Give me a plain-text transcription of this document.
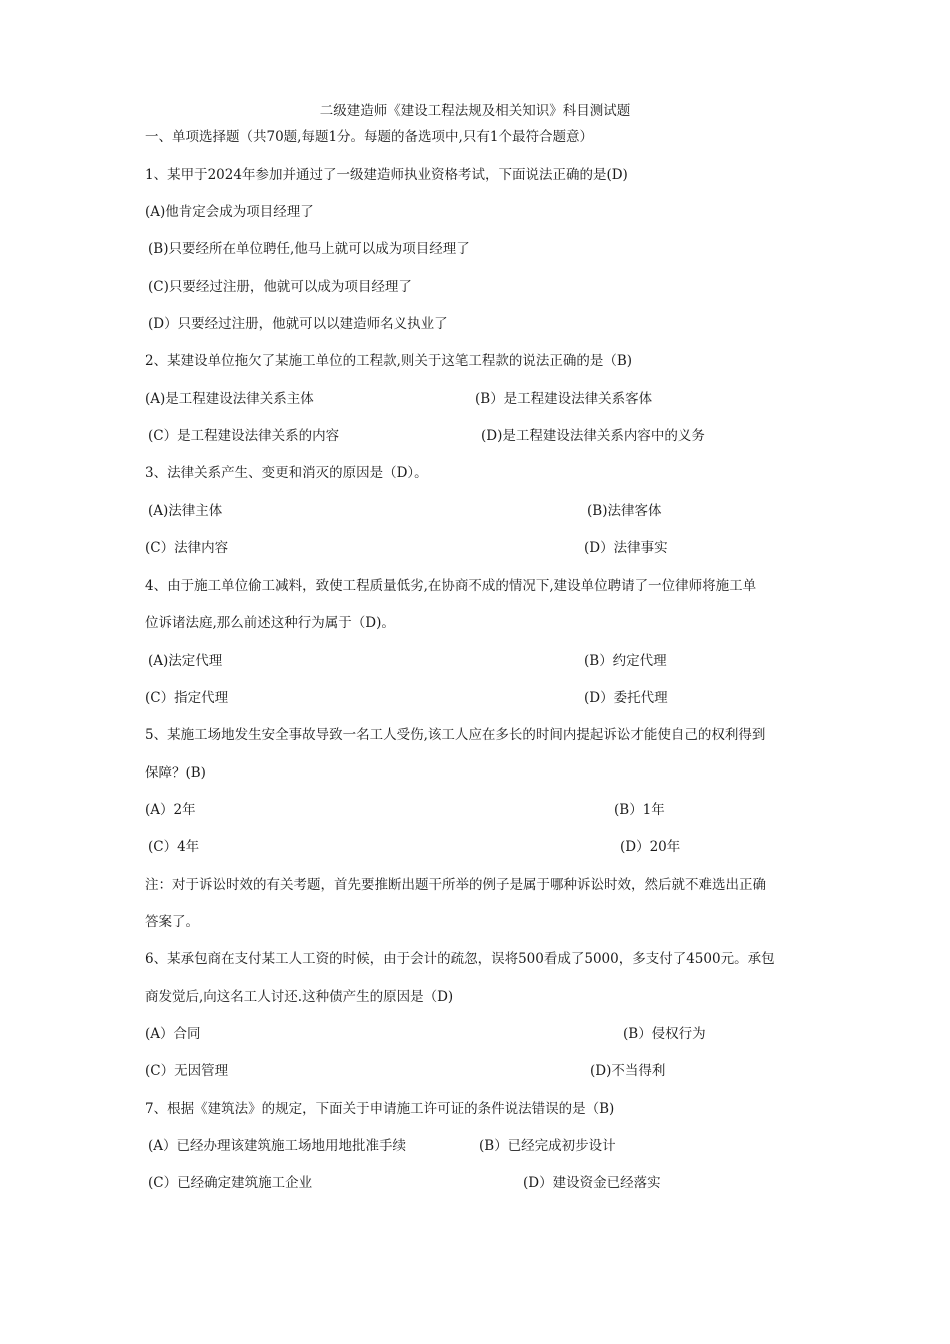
二级建造师《建设工程法规及相关知识》科目测试题
一、单项选择题（共70题,每题1分。每题的备选项中,只有1个最符合题意）
1、某甲于2024年参加并通过了一级建造师执业资格考试，下面说法正确的是(D)
(A)他肯定会成为项目经理了
(B)只要经所在单位聘任,他马上就可以成为项目经理了
(C)只要经过注册，他就可以成为项目经理了
(D）只要经过注册，他就可以以建造师名义执业了
2、某建设单位拖欠了某施工单位的工程款,则关于这笔工程款的说法正确的是（B)
(A)是工程建设法律关系主体	(B）是工程建设法律关系客体
(C）是工程建设法律关系的内容	(D)是工程建设法律关系内容中的义务
3、法律关系产生、变更和消灭的原因是（D）。
(A)法律主体	(B)法律客体
(C）法律内容	(D）法律事实
4、由于施工单位偷工减料，致使工程质量低劣,在协商不成的情况下,建设单位聘请了一位律师将施工单
位诉诸法庭,那么前述这种行为属于（D)。
(A)法定代理	(B）约定代理
(C）指定代理	(D）委托代理
5、某施工场地发生安全事故导致一名工人受伤,该工人应在多长的时间内提起诉讼才能使自己的权利得到
保障？(B)
(A）2年	(B）1年
(C）4年	(D）20年
注：对于诉讼时效的有关考题，首先要推断出题干所举的例子是属于哪种诉讼时效，然后就不难选出正确
答案了。
6、某承包商在支付某工人工资的时候，由于会计的疏忽，误将500看成了5000，多支付了4500元。承包
商发觉后,向这名工人讨还.这种债产生的原因是（D)
(A）合同	(B）侵权行为
(C）无因管理	(D)不当得利
7、根据《建筑法》的规定，下面关于申请施工许可证的条件说法错误的是（B)
(A）已经办理该建筑施工场地用地批准手续	(B）已经完成初步设计
(C）已经确定建筑施工企业	(D）建设资金已经落实
